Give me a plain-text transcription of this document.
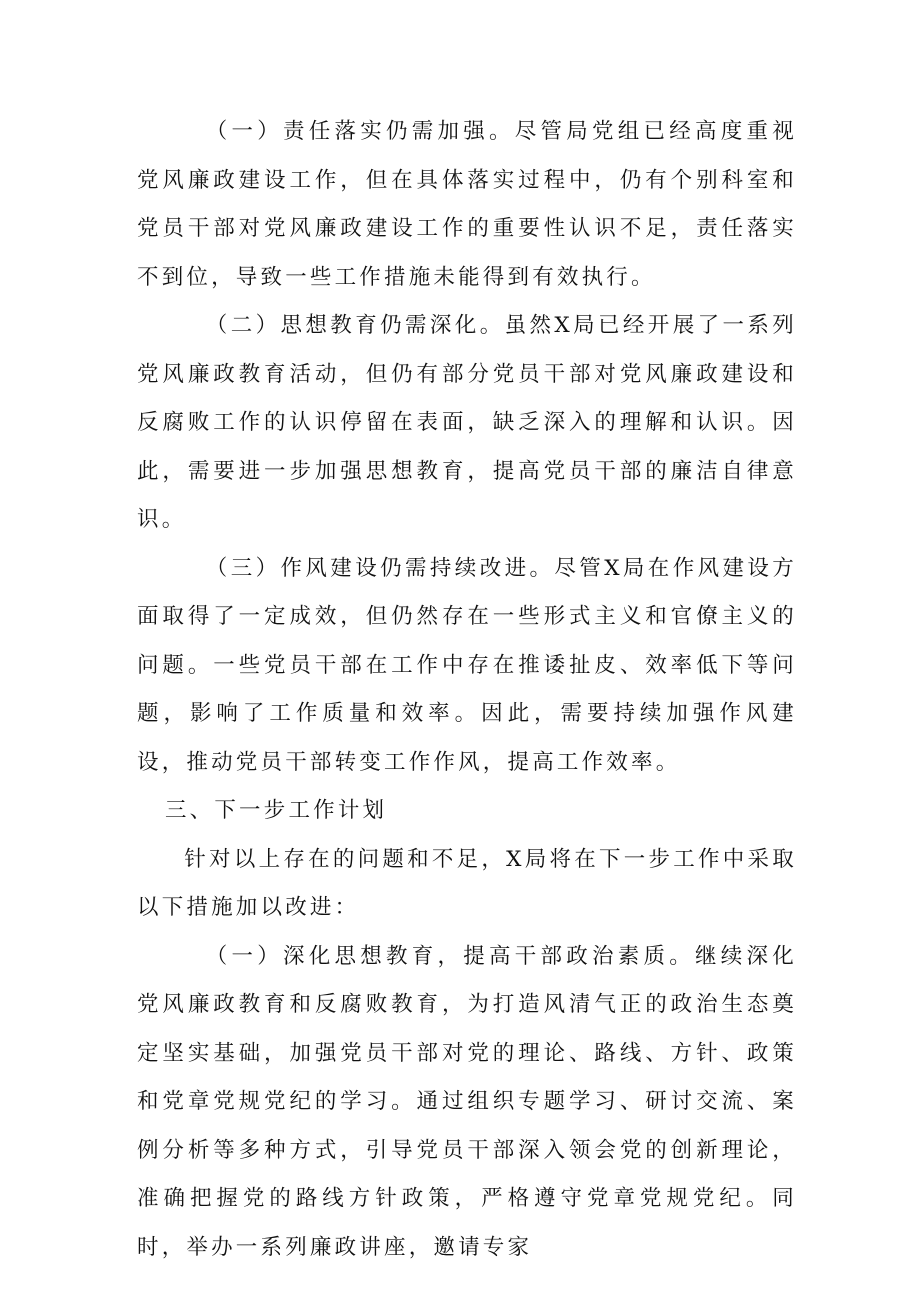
（一）责任落实仍需加强。尽管局党组已经高度重视党风廉政建设工作，但在具体落实过程中，仍有个别科室和党员干部对党风廉政建设工作的重要性认识不足，责任落实不到位，导致一些工作措施未能得到有效执行。

（二）思想教育仍需深化。虽然X局已经开展了一系列党风廉政教育活动，但仍有部分党员干部对党风廉政建设和反腐败工作的认识停留在表面，缺乏深入的理解和认识。因此，需要进一步加强思想教育，提高党员干部的廉洁自律意识。

（三）作风建设仍需持续改进。尽管X局在作风建设方面取得了一定成效，但仍然存在一些形式主义和官僚主义的问题。一些党员干部在工作中存在推诿扯皮、效率低下等问题，影响了工作质量和效率。因此，需要持续加强作风建设，推动党员干部转变工作作风，提高工作效率。

三、下一步工作计划

针对以上存在的问题和不足，X局将在下一步工作中采取以下措施加以改进：

（一）深化思想教育，提高干部政治素质。继续深化党风廉政教育和反腐败教育，为打造风清气正的政治生态奠定坚实基础，加强党员干部对党的理论、路线、方针、政策和党章党规党纪的学习。通过组织专题学习、研讨交流、案例分析等多种方式，引导党员干部深入领会党的创新理论，准确把握党的路线方针政策，严格遵守党章党规党纪。同时，举办一系列廉政讲座，邀请专家
